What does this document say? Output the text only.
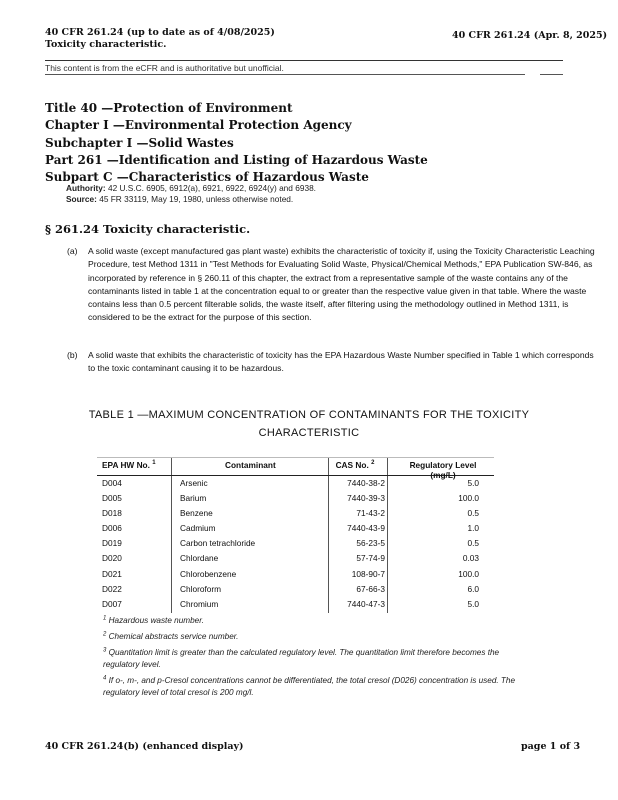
40 CFR 261.24 (up to date as of 4/08/2025)
Toxicity characteristic.
40 CFR 261.24 (Apr. 8, 2025)
This content is from the eCFR and is authoritative but unofficial.
Title 40 —Protection of Environment
Chapter I —Environmental Protection Agency
Subchapter I —Solid Wastes
Part 261 —Identification and Listing of Hazardous Waste
Subpart C —Characteristics of Hazardous Waste
Authority: 42 U.S.C. 6905, 6912(a), 6921, 6922, 6924(y) and 6938.
Source: 45 FR 33119, May 19, 1980, unless otherwise noted.
§ 261.24 Toxicity characteristic.
(a) A solid waste (except manufactured gas plant waste) exhibits the characteristic of toxicity if, using the Toxicity Characteristic Leaching Procedure, test Method 1311 in "Test Methods for Evaluating Solid Waste, Physical/Chemical Methods," EPA Publication SW-846, as incorporated by reference in § 260.11 of this chapter, the extract from a representative sample of the waste contains any of the contaminants listed in table 1 at the concentration equal to or greater than the respective value given in that table. Where the waste contains less than 0.5 percent filterable solids, the waste itself, after filtering using the methodology outlined in Method 1311, is considered to be the extract for the purpose of this section.
(b) A solid waste that exhibits the characteristic of toxicity has the EPA Hazardous Waste Number specified in Table 1 which corresponds to the toxic contaminant causing it to be hazardous.
TABLE 1 —MAXIMUM CONCENTRATION OF CONTAMINANTS FOR THE TOXICITY
CHARACTERISTIC
EPA HW No. $^1$	Contaminant	CAS No. $^2$	Regulatory Level (mg/L)
D004	Arsenic	7440-38-2	5.0
D005	Barium	7440-39-3	100.0
D018	Benzene	71-43-2	0.5
D006	Cadmium	7440-43-9	1.0
D019	Carbon tetrachloride	56-23-5	0.5
D020	Chlordane	57-74-9	0.03
D021	Chlorobenzene	108-90-7	100.0
D022	Chloroform	67-66-3	6.0
D007	Chromium	7440-47-3	5.0
$^1$ Hazardous waste number.
$^2$ Chemical abstracts service number.
$^3$ Quantitation limit is greater than the calculated regulatory level. The quantitation limit therefore becomes the regulatory level.
$^4$ If o-, m-, and p-Cresol concentrations cannot be differentiated, the total cresol (D026) concentration is used. The regulatory level of total cresol is 200 mg/l.
40 CFR 261.24(b) (enhanced display)	page 1 of 3
